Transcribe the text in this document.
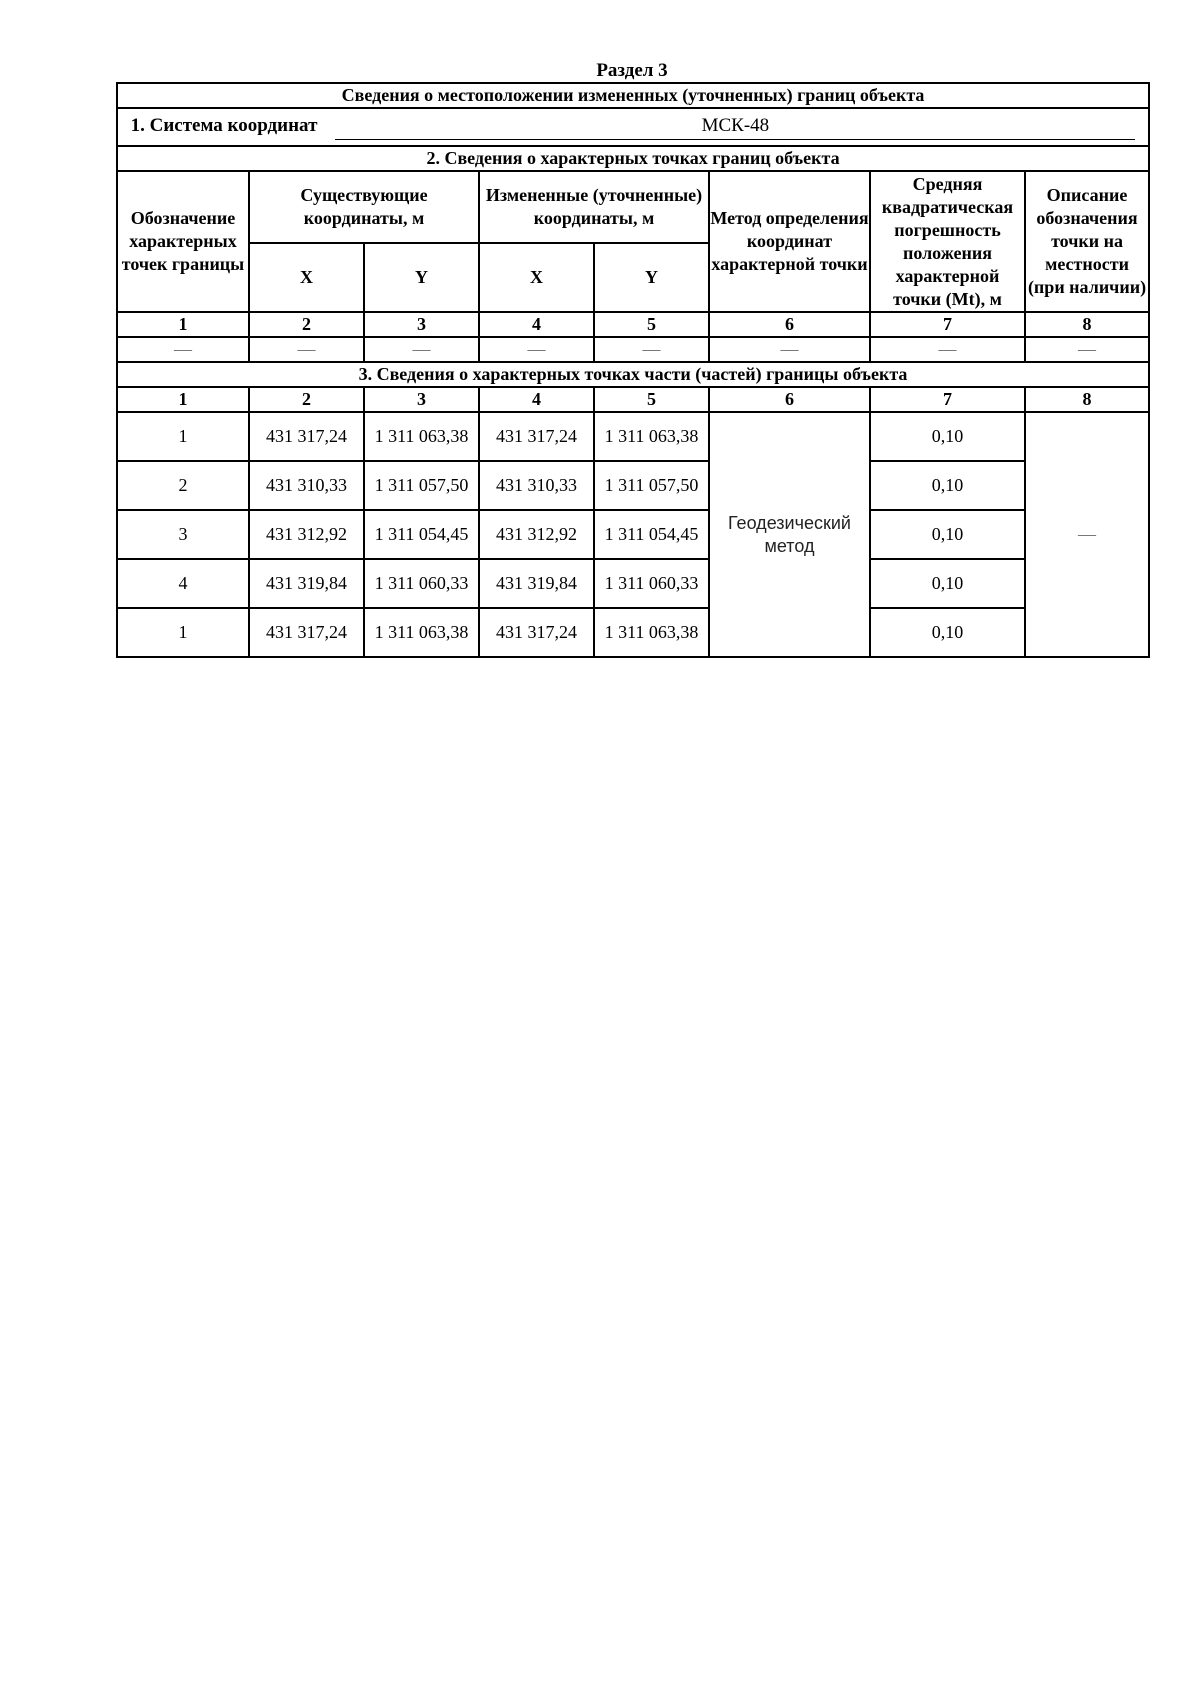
Раздел 3
Сведения о местоположении измененных (уточненных) границ объекта							
1. Система координат МСК-48							
2. Сведения о характерных точках границ объекта							
Обозначение характерных точек границы	Существующие координаты, м		Измененные (уточненные) координаты, м		Метод определения координат характерной точки	Средняя квадратическая погрешность положения характерной точки (Mt), м	Описание обозначения точки на местности (при наличии)
	X	Y	X	Y			
1	2	3	4	5	6	7	8
—	—	—	—	—	—	—	—
3. Сведения о характерных точках части (частей) границы объекта							
1	2	3	4	5	6	7	8
1	431 317,24	1 311 063,38	431 317,24	1 311 063,38	Геодезический метод	0,10	—
2	431 310,33	1 311 057,50	431 310,33	1 311 057,50		0,10	
3	431 312,92	1 311 054,45	431 312,92	1 311 054,45		0,10	
4	431 319,84	1 311 060,33	431 319,84	1 311 060,33		0,10	
1	431 317,24	1 311 063,38	431 317,24	1 311 063,38		0,10	
